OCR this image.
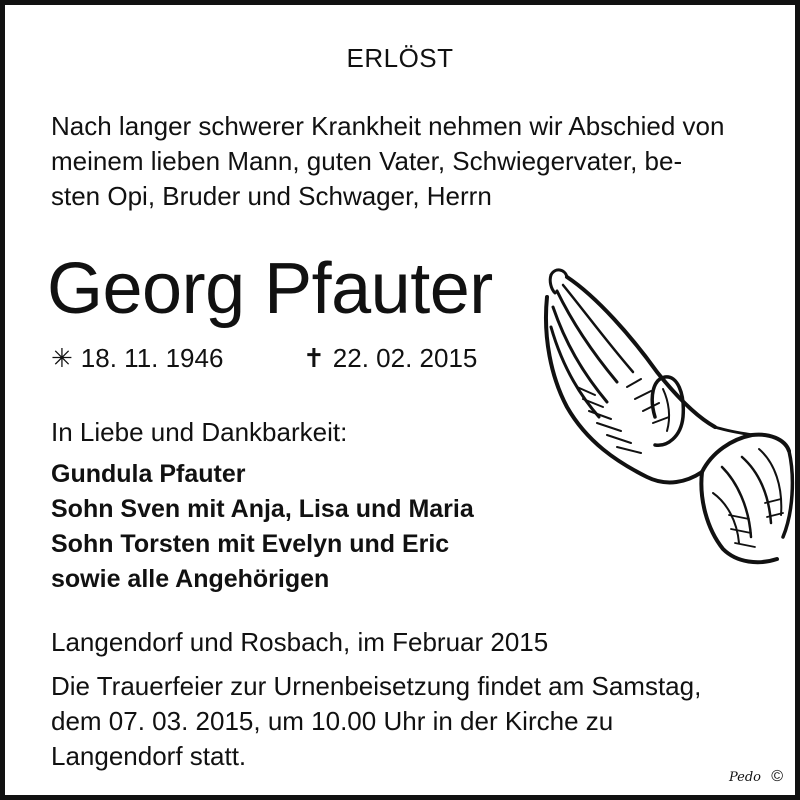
ERLÖST
Nach langer schwerer Krankheit nehmen wir Abschied von
meinem lieben Mann, guten Vater, Schwiegervater, be-
sten Opi, Bruder und Schwager, Herrn
Georg Pfauter
✳ 18. 11. 1946	✝ 22. 02. 2015
In Liebe und Dankbarkeit:
Gundula Pfauter
Sohn Sven mit Anja, Lisa und Maria
Sohn Torsten mit Evelyn und Eric
sowie alle Angehörigen
Langendorf und Rosbach, im Februar 2015
Die Trauerfeier zur Urnenbeisetzung findet am Samstag,
dem 07. 03. 2015, um 10.00 Uhr in der Kirche zu
Langendorf statt.
Pedo ©
